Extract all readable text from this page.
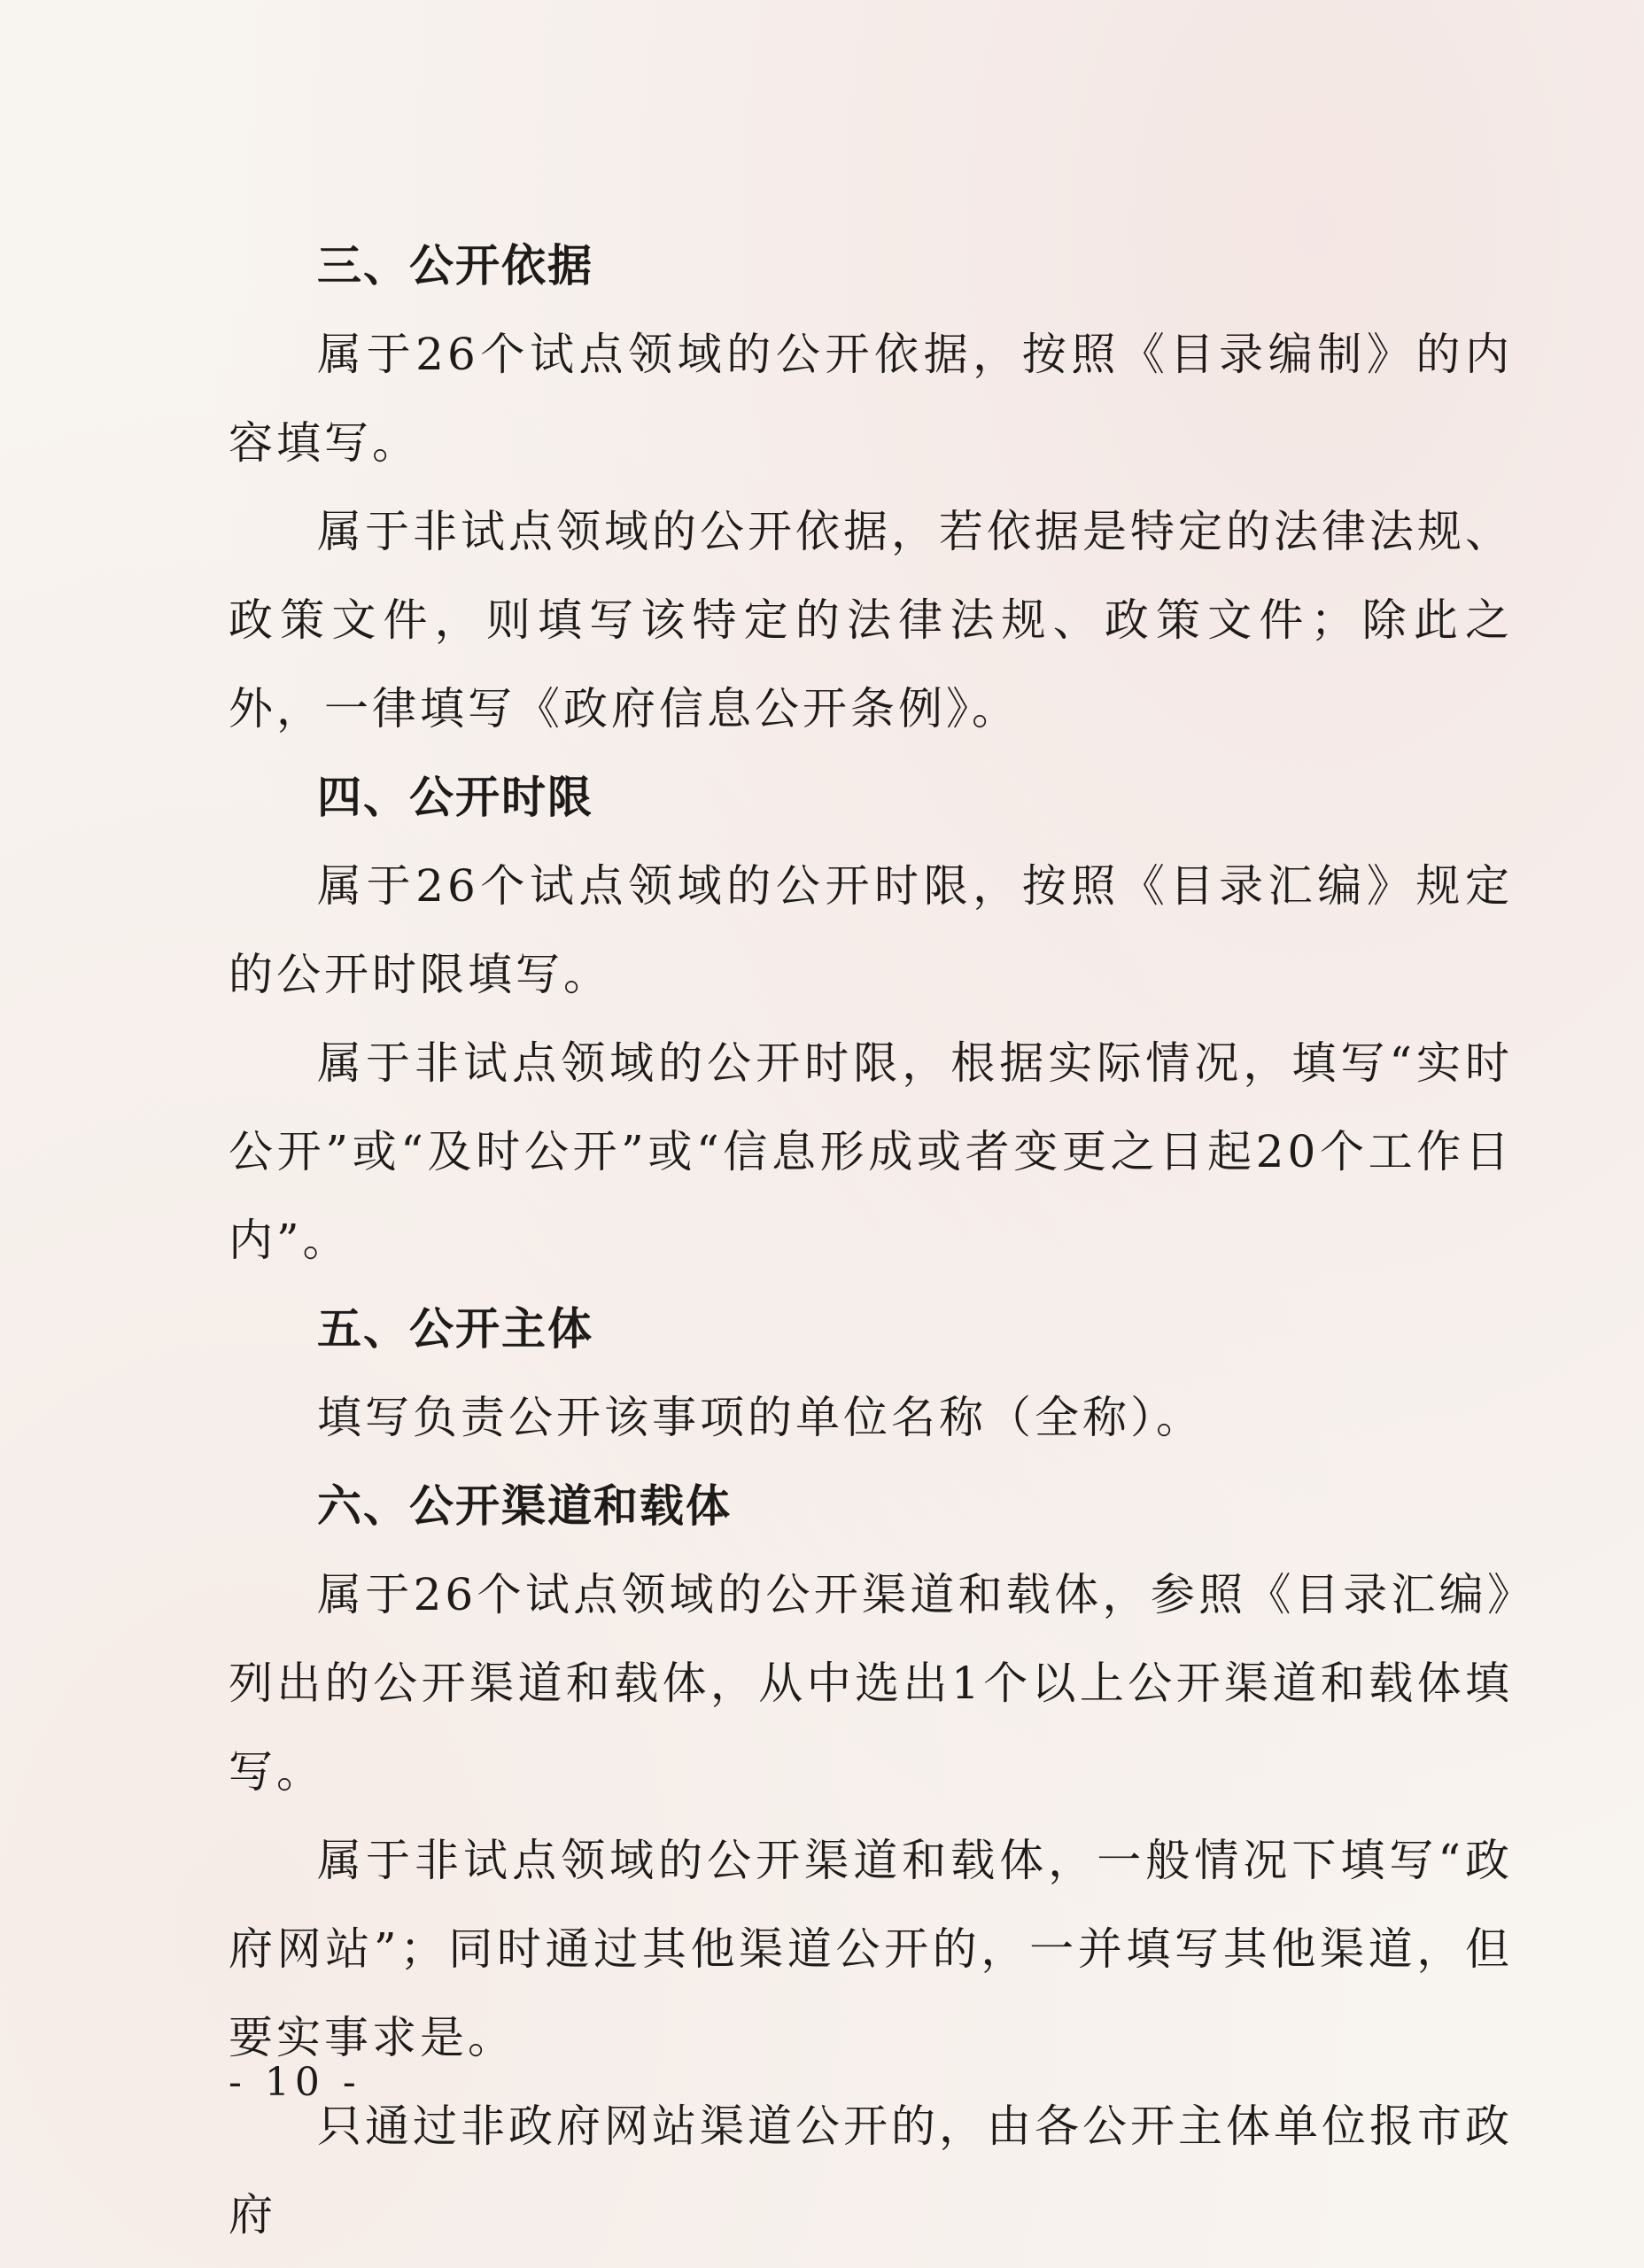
三、公开依据

属于26个试点领域的公开依据，按照《目录编制》的内容填写。

属于非试点领域的公开依据，若依据是特定的法律法规、政策文件，则填写该特定的法律法规、政策文件；除此之外，一律填写《政府信息公开条例》。

四、公开时限

属于26个试点领域的公开时限，按照《目录汇编》规定的公开时限填写。

属于非试点领域的公开时限，根据实际情况，填写“实时公开”或“及时公开”或“信息形成或者变更之日起20个工作日内”。

五、公开主体

填写负责公开该事项的单位名称（全称）。

六、公开渠道和载体

属于26个试点领域的公开渠道和载体，参照《目录汇编》列出的公开渠道和载体，从中选出1个以上公开渠道和载体填写。

属于非试点领域的公开渠道和载体，一般情况下填写“政府网站”；同时通过其他渠道公开的，一并填写其他渠道，但要实事求是。

只通过非政府网站渠道公开的，由各公开主体单位报市政府

- 10 -
